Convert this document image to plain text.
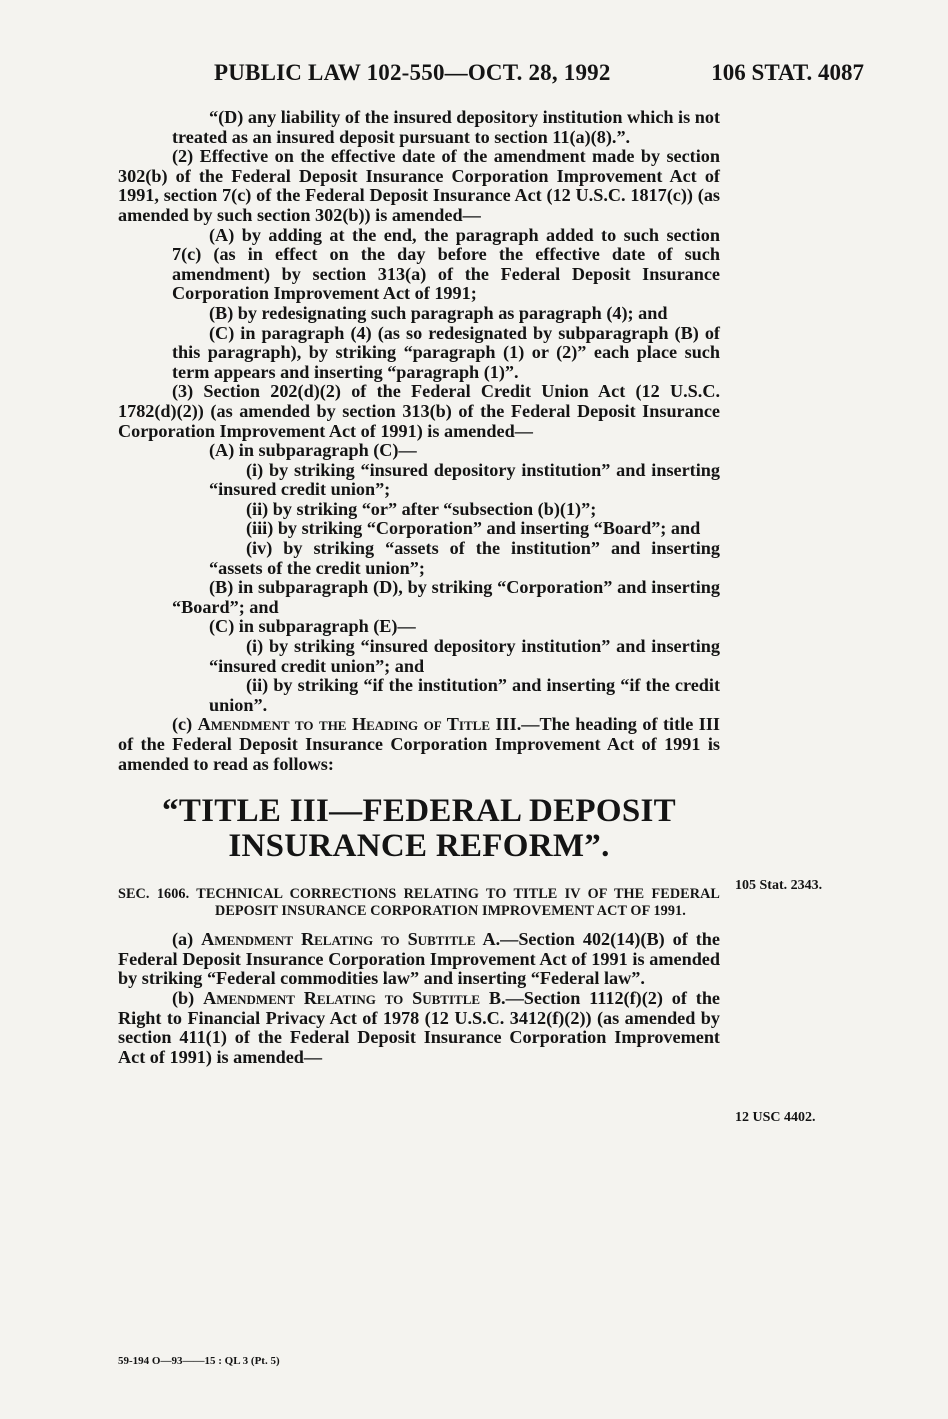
PUBLIC LAW 102-550—OCT. 28, 1992	106 STAT. 4087

“(D) any liability of the insured depository institution which is not treated as an insured deposit pursuant to section 11(a)(8).”.

(2) Effective on the effective date of the amendment made by section 302(b) of the Federal Deposit Insurance Corporation Improvement Act of 1991, section 7(c) of the Federal Deposit Insurance Act (12 U.S.C. 1817(c)) (as amended by such section 302(b)) is amended—

(A) by adding at the end, the paragraph added to such section 7(c) (as in effect on the day before the effective date of such amendment) by section 313(a) of the Federal Deposit Insurance Corporation Improvement Act of 1991;

(B) by redesignating such paragraph as paragraph (4); and

(C) in paragraph (4) (as so redesignated by subparagraph (B) of this paragraph), by striking “paragraph (1) or (2)” each place such term appears and inserting “paragraph (1)”.

(3) Section 202(d)(2) of the Federal Credit Union Act (12 U.S.C. 1782(d)(2)) (as amended by section 313(b) of the Federal Deposit Insurance Corporation Improvement Act of 1991) is amended—

(A) in subparagraph (C)—

(i) by striking “insured depository institution” and inserting “insured credit union”;

(ii) by striking “or” after “subsection (b)(1)”;

(iii) by striking “Corporation” and inserting “Board”; and

(iv) by striking “assets of the institution” and inserting “assets of the credit union”;

(B) in subparagraph (D), by striking “Corporation” and inserting “Board”; and

(C) in subparagraph (E)—

(i) by striking “insured depository institution” and inserting “insured credit union”; and

(ii) by striking “if the institution” and inserting “if the credit union”.

(c) Amendment to the Heading of Title III.—The heading of title III of the Federal Deposit Insurance Corporation Improvement Act of 1991 is amended to read as follows:

“TITLE III—FEDERAL DEPOSIT
INSURANCE REFORM”.

SEC. 1606. TECHNICAL CORRECTIONS RELATING TO TITLE IV OF THE FEDERAL DEPOSIT INSURANCE CORPORATION IMPROVEMENT ACT OF 1991.

(a) Amendment Relating to Subtitle A.—Section 402(14)(B) of the Federal Deposit Insurance Corporation Improvement Act of 1991 is amended by striking “Federal commodities law” and inserting “Federal law”.

(b) Amendment Relating to Subtitle B.—Section 1112(f)(2) of the Right to Financial Privacy Act of 1978 (12 U.S.C. 3412(f)(2)) (as amended by section 411(1) of the Federal Deposit Insurance Corporation Improvement Act of 1991) is amended—

105 Stat. 2343.
12 USC 4402.
59-194 O—93——15 : QL 3 (Pt. 5)
